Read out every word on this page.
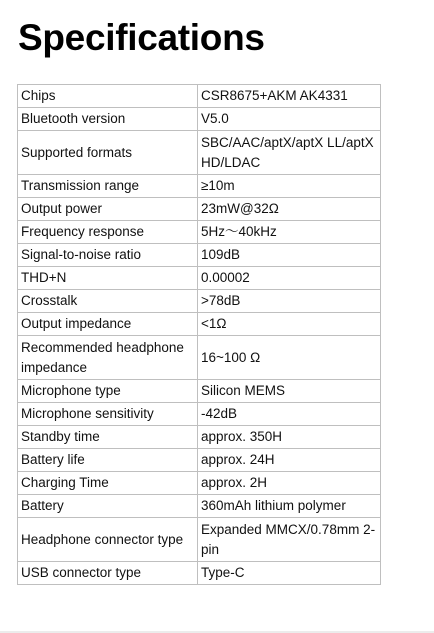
Specifications
Chips	CSR8675+AKM AK4331
Bluetooth version	V5.0
Supported formats	SBC/AAC/aptX/aptX LL/aptX HD/LDAC
Transmission range	≥10m
Output power	23mW@32Ω
Frequency response	5Hz～40kHz
Signal-to-noise ratio	109dB
THD+N	0.00002
Crosstalk	>78dB
Output impedance	<1Ω
Recommended headphone impedance	16~100 Ω
Microphone type	Silicon MEMS
Microphone sensitivity	-42dB
Standby time	approx. 350H
Battery life	approx. 24H
Charging Time	approx. 2H
Battery	360mAh lithium polymer
Headphone connector type	Expanded MMCX/0.78mm 2-pin
USB connector type	Type-C
